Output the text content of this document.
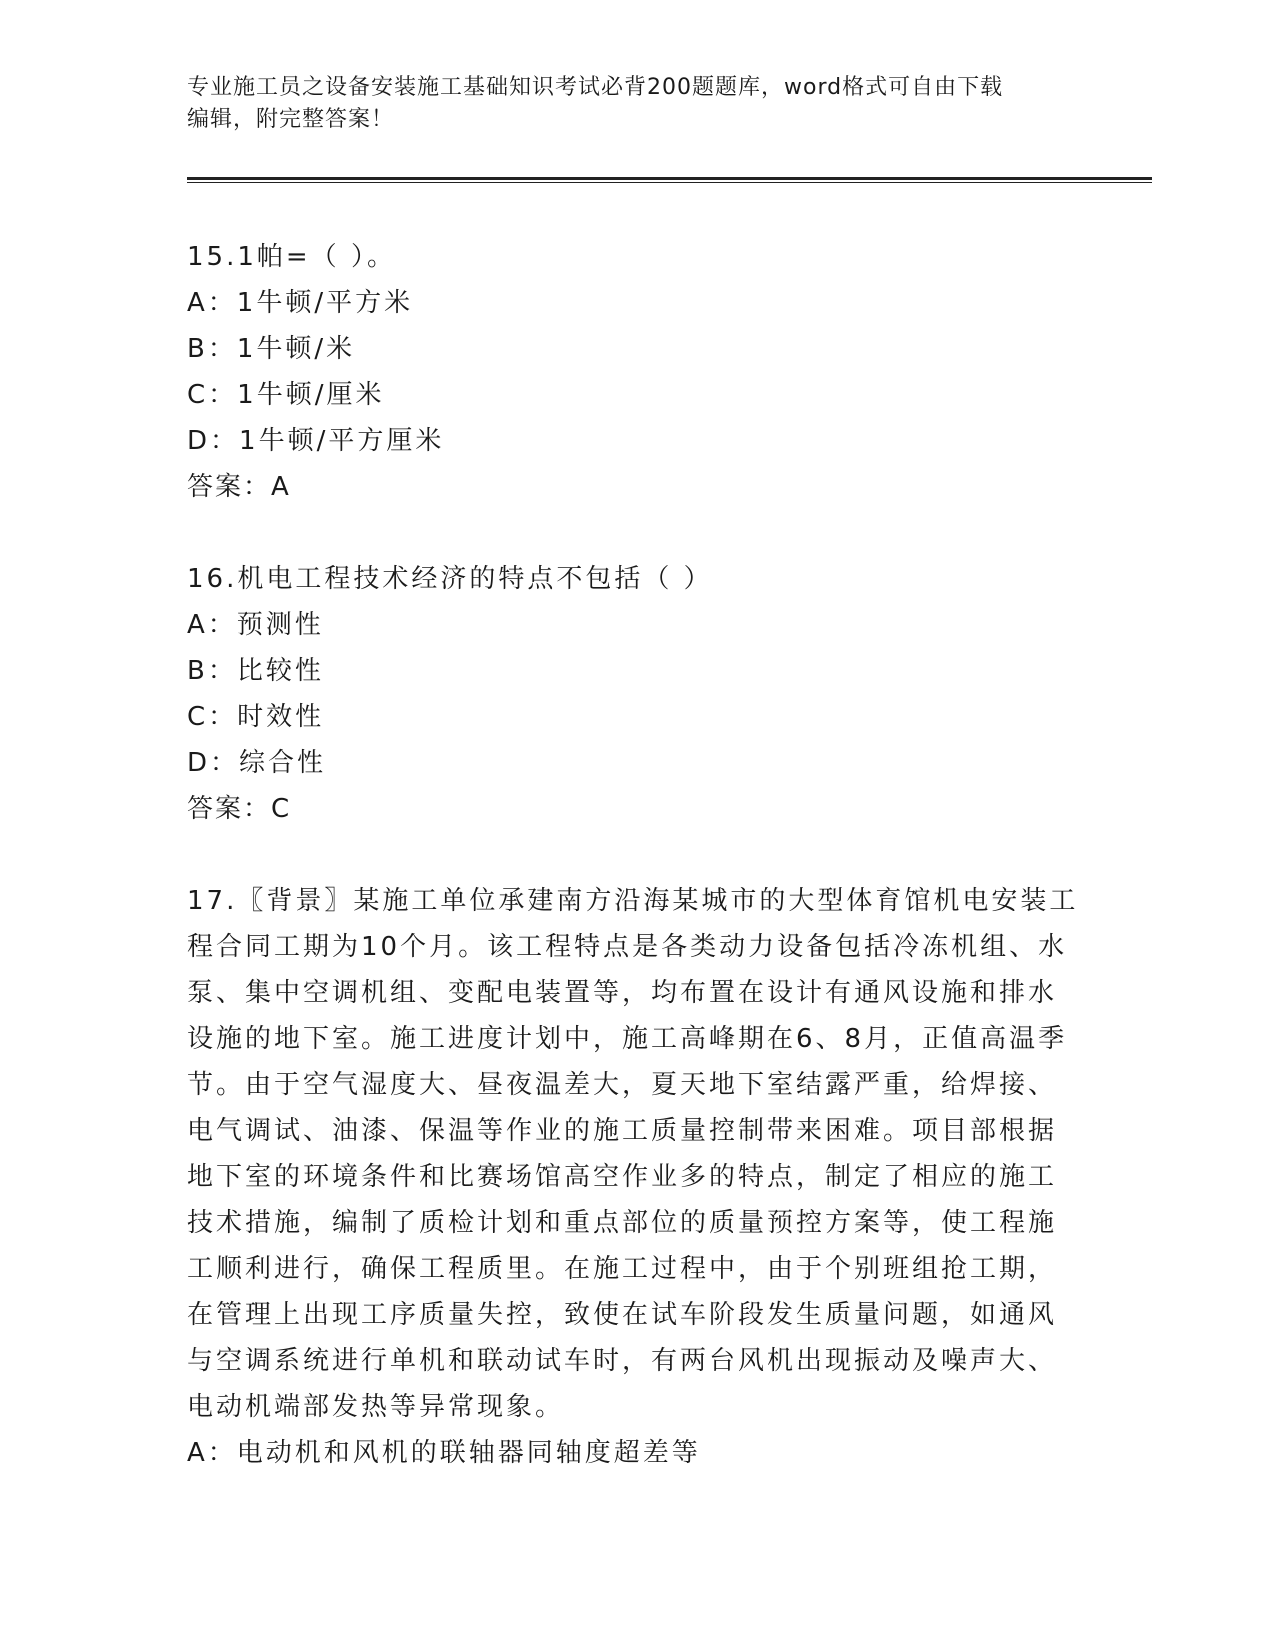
专业施工员之设备安装施工基础知识考试必背200题题库，word格式可自由下载
编辑，附完整答案！
15.1帕=（ ）。
A：1牛顿/平方米
B：1牛顿/米
C：1牛顿/厘米
D：1牛顿/平方厘米
答案：A
16.机电工程技术经济的特点不包括（ ）
A：预测性
B：比较性
C：时效性
D：综合性
答案：C
17.〖背景〗某施工单位承建南方沿海某城市的大型体育馆机电安装工
程合同工期为10个月。该工程特点是各类动力设备包括冷冻机组、水
泵、集中空调机组、变配电装置等，均布置在设计有通风设施和排水
设施的地下室。施工进度计划中，施工高峰期在6、8月，正值高温季
节。由于空气湿度大、昼夜温差大，夏天地下室结露严重，给焊接、
电气调试、油漆、保温等作业的施工质量控制带来困难。项目部根据
地下室的环境条件和比赛场馆高空作业多的特点，制定了相应的施工
技术措施，编制了质检计划和重点部位的质量预控方案等，使工程施
工顺利进行，确保工程质里。在施工过程中，由于个别班组抢工期，
在管理上出现工序质量失控，致使在试车阶段发生质量问题，如通风
与空调系统进行单机和联动试车时，有两台风机出现振动及噪声大、
电动机端部发热等异常现象。
A：电动机和风机的联轴器同轴度超差等
